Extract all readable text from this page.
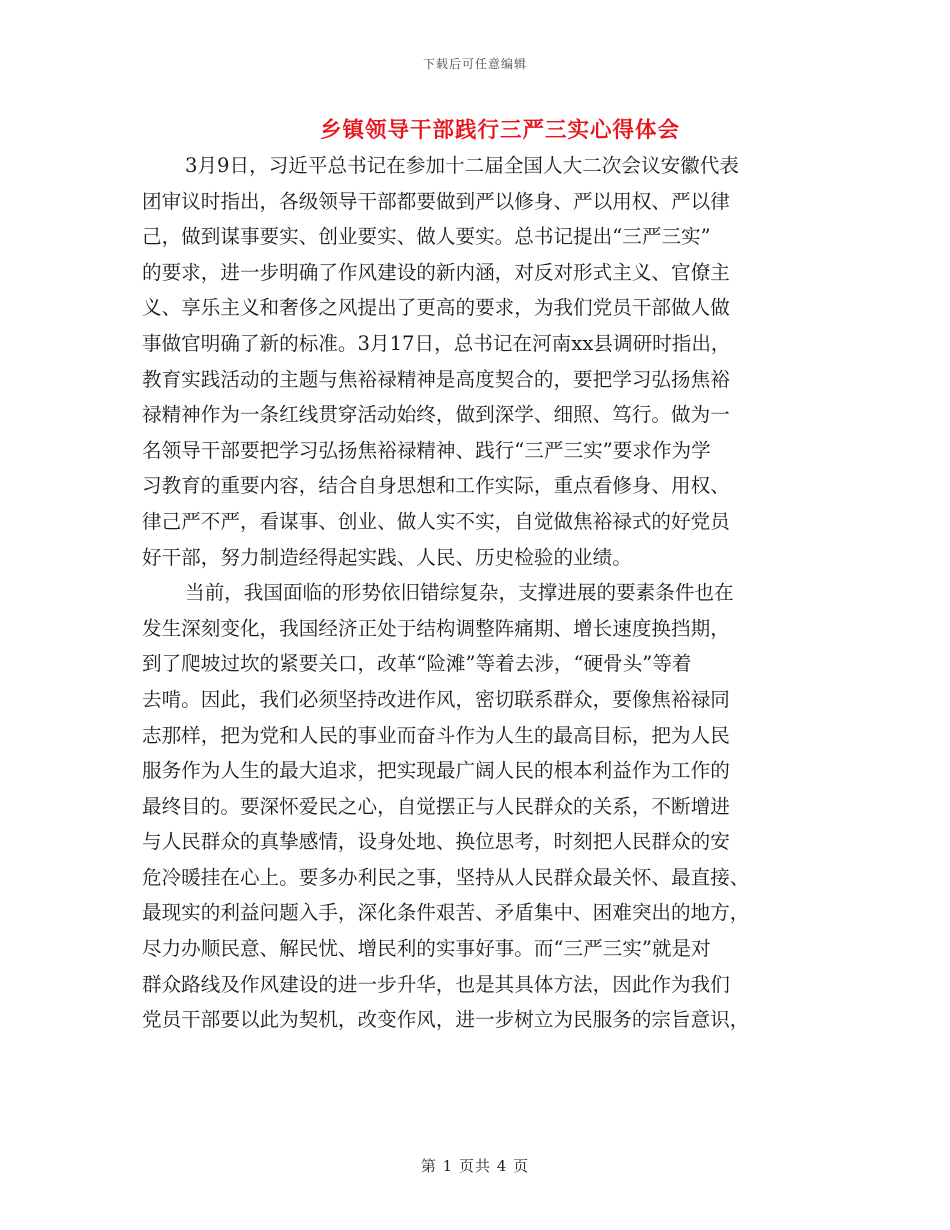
下载后可任意编辑
乡镇领导干部践行三严三实心得体会
3月9日，习近平总书记在参加十二届全国人大二次会议安徽代表
团审议时指出，各级领导干部都要做到严以修身、严以用权、严以律
己，做到谋事要实、创业要实、做人要实。总书记提出“三严三实”
的要求，进一步明确了作风建设的新内涵，对反对形式主义、官僚主
义、享乐主义和奢侈之风提出了更高的要求，为我们党员干部做人做
事做官明确了新的标准。3月17日，总书记在河南xx县调研时指出，
教育实践活动的主题与焦裕禄精神是高度契合的，要把学习弘扬焦裕
禄精神作为一条红线贯穿活动始终，做到深学、细照、笃行。做为一
名领导干部要把学习弘扬焦裕禄精神、践行“三严三实”要求作为学
习教育的重要内容，结合自身思想和工作实际，重点看修身、用权、
律己严不严，看谋事、创业、做人实不实，自觉做焦裕禄式的好党员
好干部，努力制造经得起实践、人民、历史检验的业绩。
当前，我国面临的形势依旧错综复杂，支撑进展的要素条件也在
发生深刻变化，我国经济正处于结构调整阵痛期、增长速度换挡期，
到了爬坡过坎的紧要关口，改革“险滩”等着去涉，“硬骨头”等着
去啃。因此，我们必须坚持改进作风，密切联系群众，要像焦裕禄同
志那样，把为党和人民的事业而奋斗作为人生的最高目标，把为人民
服务作为人生的最大追求，把实现最广阔人民的根本利益作为工作的
最终目的。要深怀爱民之心，自觉摆正与人民群众的关系，不断增进
与人民群众的真挚感情，设身处地、换位思考，时刻把人民群众的安
危冷暖挂在心上。要多办利民之事，坚持从人民群众最关怀、最直接、
最现实的利益问题入手，深化条件艰苦、矛盾集中、困难突出的地方，
尽力办顺民意、解民忧、增民利的实事好事。而“三严三实”就是对
群众路线及作风建设的进一步升华，也是其具体方法，因此作为我们
党员干部要以此为契机，改变作风，进一步树立为民服务的宗旨意识，
第 1 页共 4 页
